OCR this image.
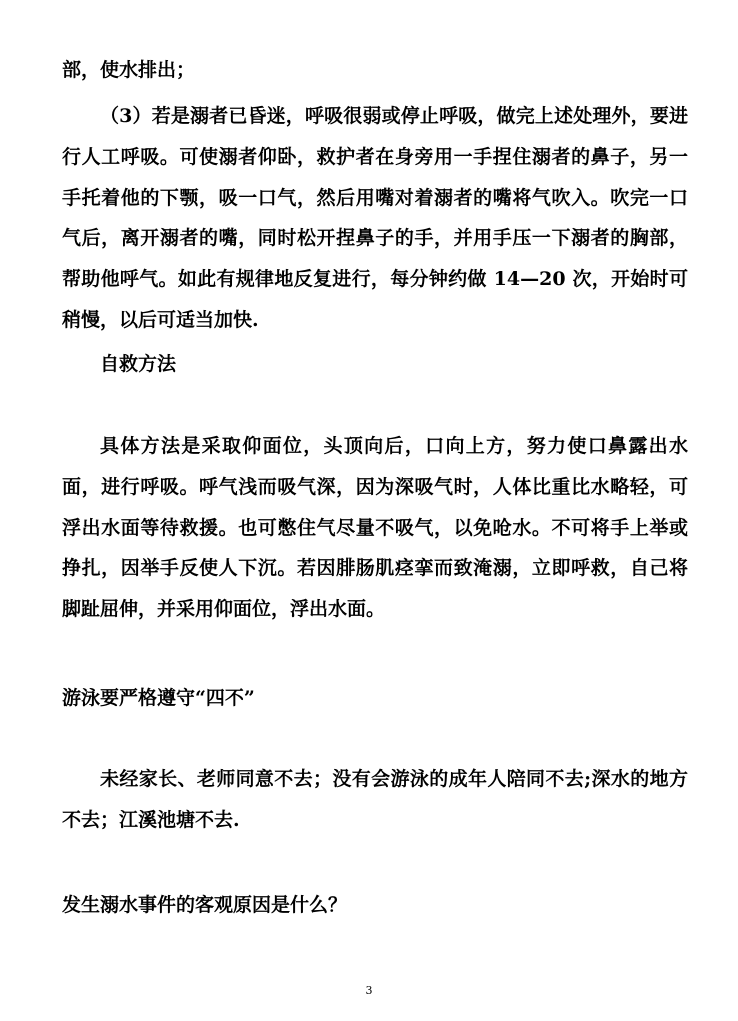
部，使水排出；

（3）若是溺者已昏迷，呼吸很弱或停止呼吸，做完上述处理外，要进行人工呼吸。可使溺者仰卧，救护者在身旁用一手捏住溺者的鼻子，另一手托着他的下颚，吸一口气，然后用嘴对着溺者的嘴将气吹入。吹完一口气后，离开溺者的嘴，同时松开捏鼻子的手，并用手压一下溺者的胸部，帮助他呼气。如此有规律地反复进行，每分钟约做 14—20 次，开始时可稍慢，以后可适当加快.

自救方法

具体方法是采取仰面位，头顶向后，口向上方，努力使口鼻露出水面，进行呼吸。呼气浅而吸气深，因为深吸气时，人体比重比水略轻，可浮出水面等待救援。也可憋住气尽量不吸气，以免呛水。不可将手上举或挣扎，因举手反使人下沉。若因腓肠肌痉挛而致淹溺，立即呼救，自己将脚趾屈伸，并采用仰面位，浮出水面。

游泳要严格遵守“四不”

未经家长、老师同意不去；没有会游泳的成年人陪同不去;深水的地方不去；江溪池塘不去.

发生溺水事件的客观原因是什么？

3
